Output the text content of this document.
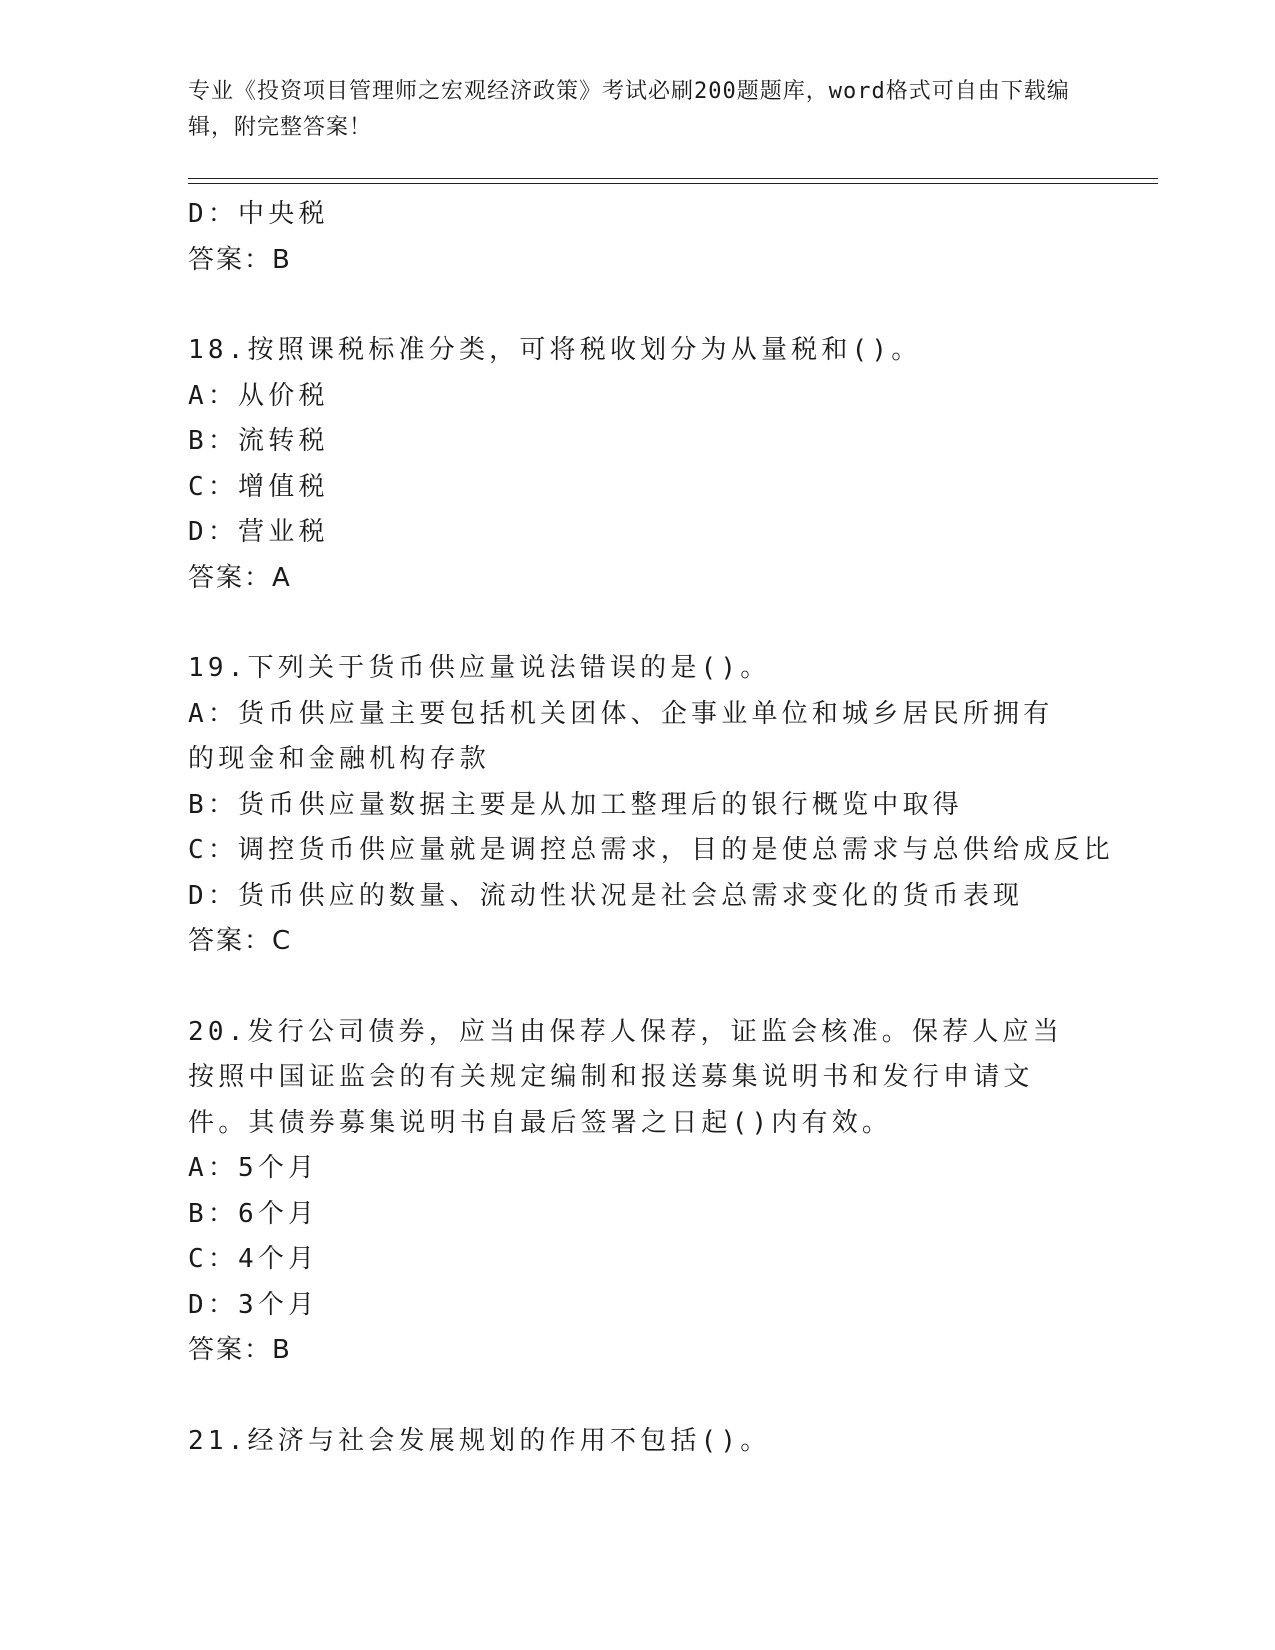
专业《投资项目管理师之宏观经济政策》考试必刷200题题库，word格式可自由下载编辑，附完整答案！
D：中央税
答案：B
18.按照课税标准分类，可将税收划分为从量税和()。
A：从价税
B：流转税
C：增值税
D：营业税
答案：A
19.下列关于货币供应量说法错误的是()。
A：货币供应量主要包括机关团体、企事业单位和城乡居民所拥有的现金和金融机构存款
B：货币供应量数据主要是从加工整理后的银行概览中取得
C：调控货币供应量就是调控总需求，目的是使总需求与总供给成反比
D：货币供应的数量、流动性状况是社会总需求变化的货币表现
答案：C
20.发行公司债券，应当由保荐人保荐，证监会核准。保荐人应当按照中国证监会的有关规定编制和报送募集说明书和发行申请文件。其债券募集说明书自最后签署之日起()内有效。
A：5个月
B：6个月
C：4个月
D：3个月
答案：B
21.经济与社会发展规划的作用不包括()。
